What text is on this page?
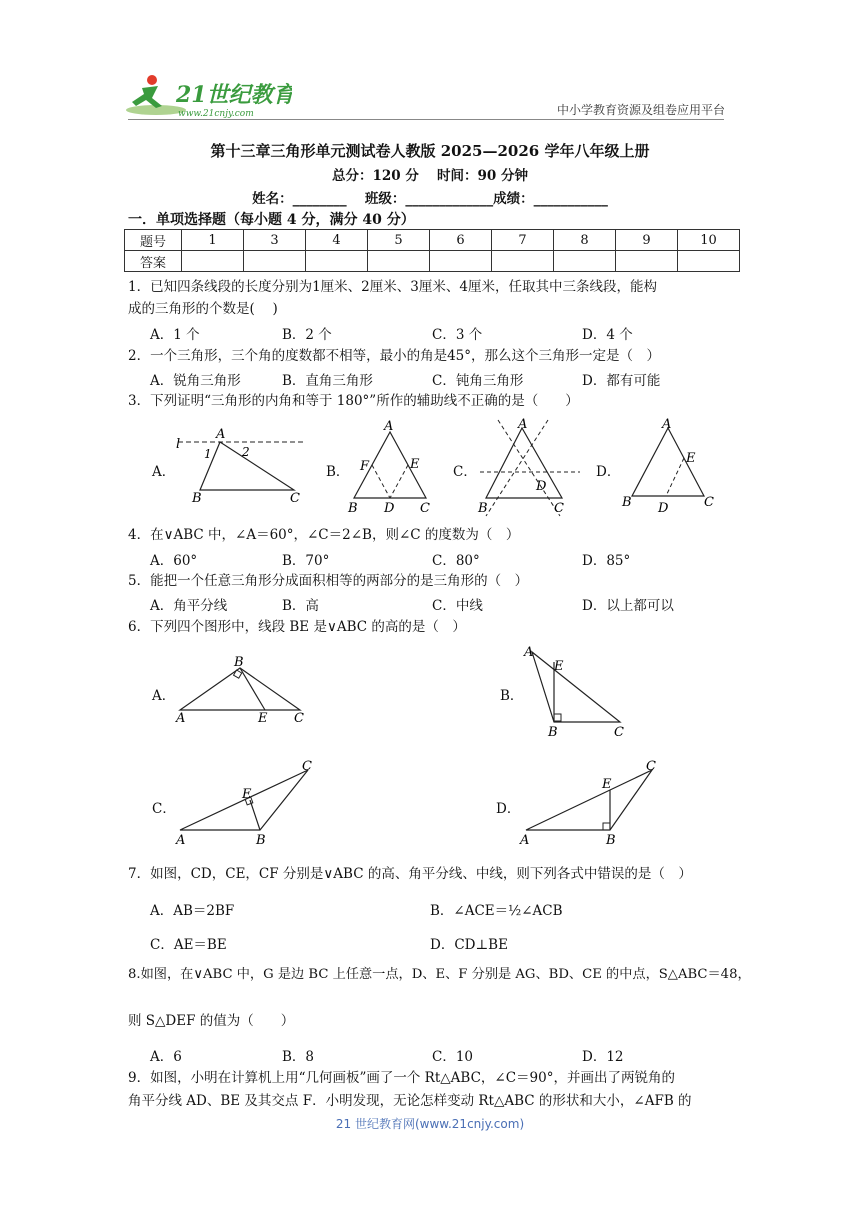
21世纪教育
www.21cnjy.com	中小学教育资源及组卷应用平台
第十三章三角形单元测试卷人教版 2025—2026 学年八年级上册
总分：120 分　 时间：90 分钟
姓名：________　 班级：_____________成绩：___________
一．单项选择题（每小题 4 分，满分 40 分）
题号	1	3	4	5	6	7	8	9	10
答案									
1．已知四条线段的长度分别为1厘米、2厘米、3厘米、4厘米，任取其中三条线段，能构
成的三角形的个数是(　 )
A．1 个	B．2 个	C．3 个	D．4 个
2．一个三角形，三个角的度数都不相等，最小的角是45°，那么这个三角形一定是（　）
A．锐角三角形	B．直角三角形	C．钝角三角形	D．都有可能
3．下列证明“三角形的内角和等于 180°”所作的辅助线不正确的是（　　）
A．	B．	C．	D．
l
A
1	2
B	C
A
F	E
B D C
A
D
B	C
A
E
B D	C
4．在∨ABC 中，∠A＝60°，∠C＝2∠B，则∠C 的度数为（　）
A．60°	B．70°	C．80°	D．85°
5．能把一个任意三角形分成面积相等的两部分的是三角形的（　）
A．角平分线	B．高	C．中线	D．以上都可以
6．下列四个图形中，线段 BE 是∨ABC 的高的是（　）
A．	B．
C．	D．
B
A	E C
A
E
B	C
C
E
A	B
C
E
A	B
7．如图，CD，CE，CF 分别是∨ABC 的高、角平分线、中线，则下列各式中错误的是（　）
A．AB＝2BF	B．∠ACE＝½∠ACB
C．AE＝BE	D．CD⊥BE
8.如图，在∨ABC 中，G 是边 BC 上任意一点，D、E、F 分别是 AG、BD、CE 的中点，S△ABC＝48，
则 S△DEF 的值为（　　）
A．6	B．8	C．10	D．12
9．如图，小明在计算机上用“几何画板”画了一个 Rt△ABC，∠C＝90°，并画出了两锐角的
角平分线 AD、BE 及其交点 F．小明发现，无论怎样变动 Rt△ABC 的形状和大小，∠AFB 的
21 世纪教育网(www.21cnjy.com)
